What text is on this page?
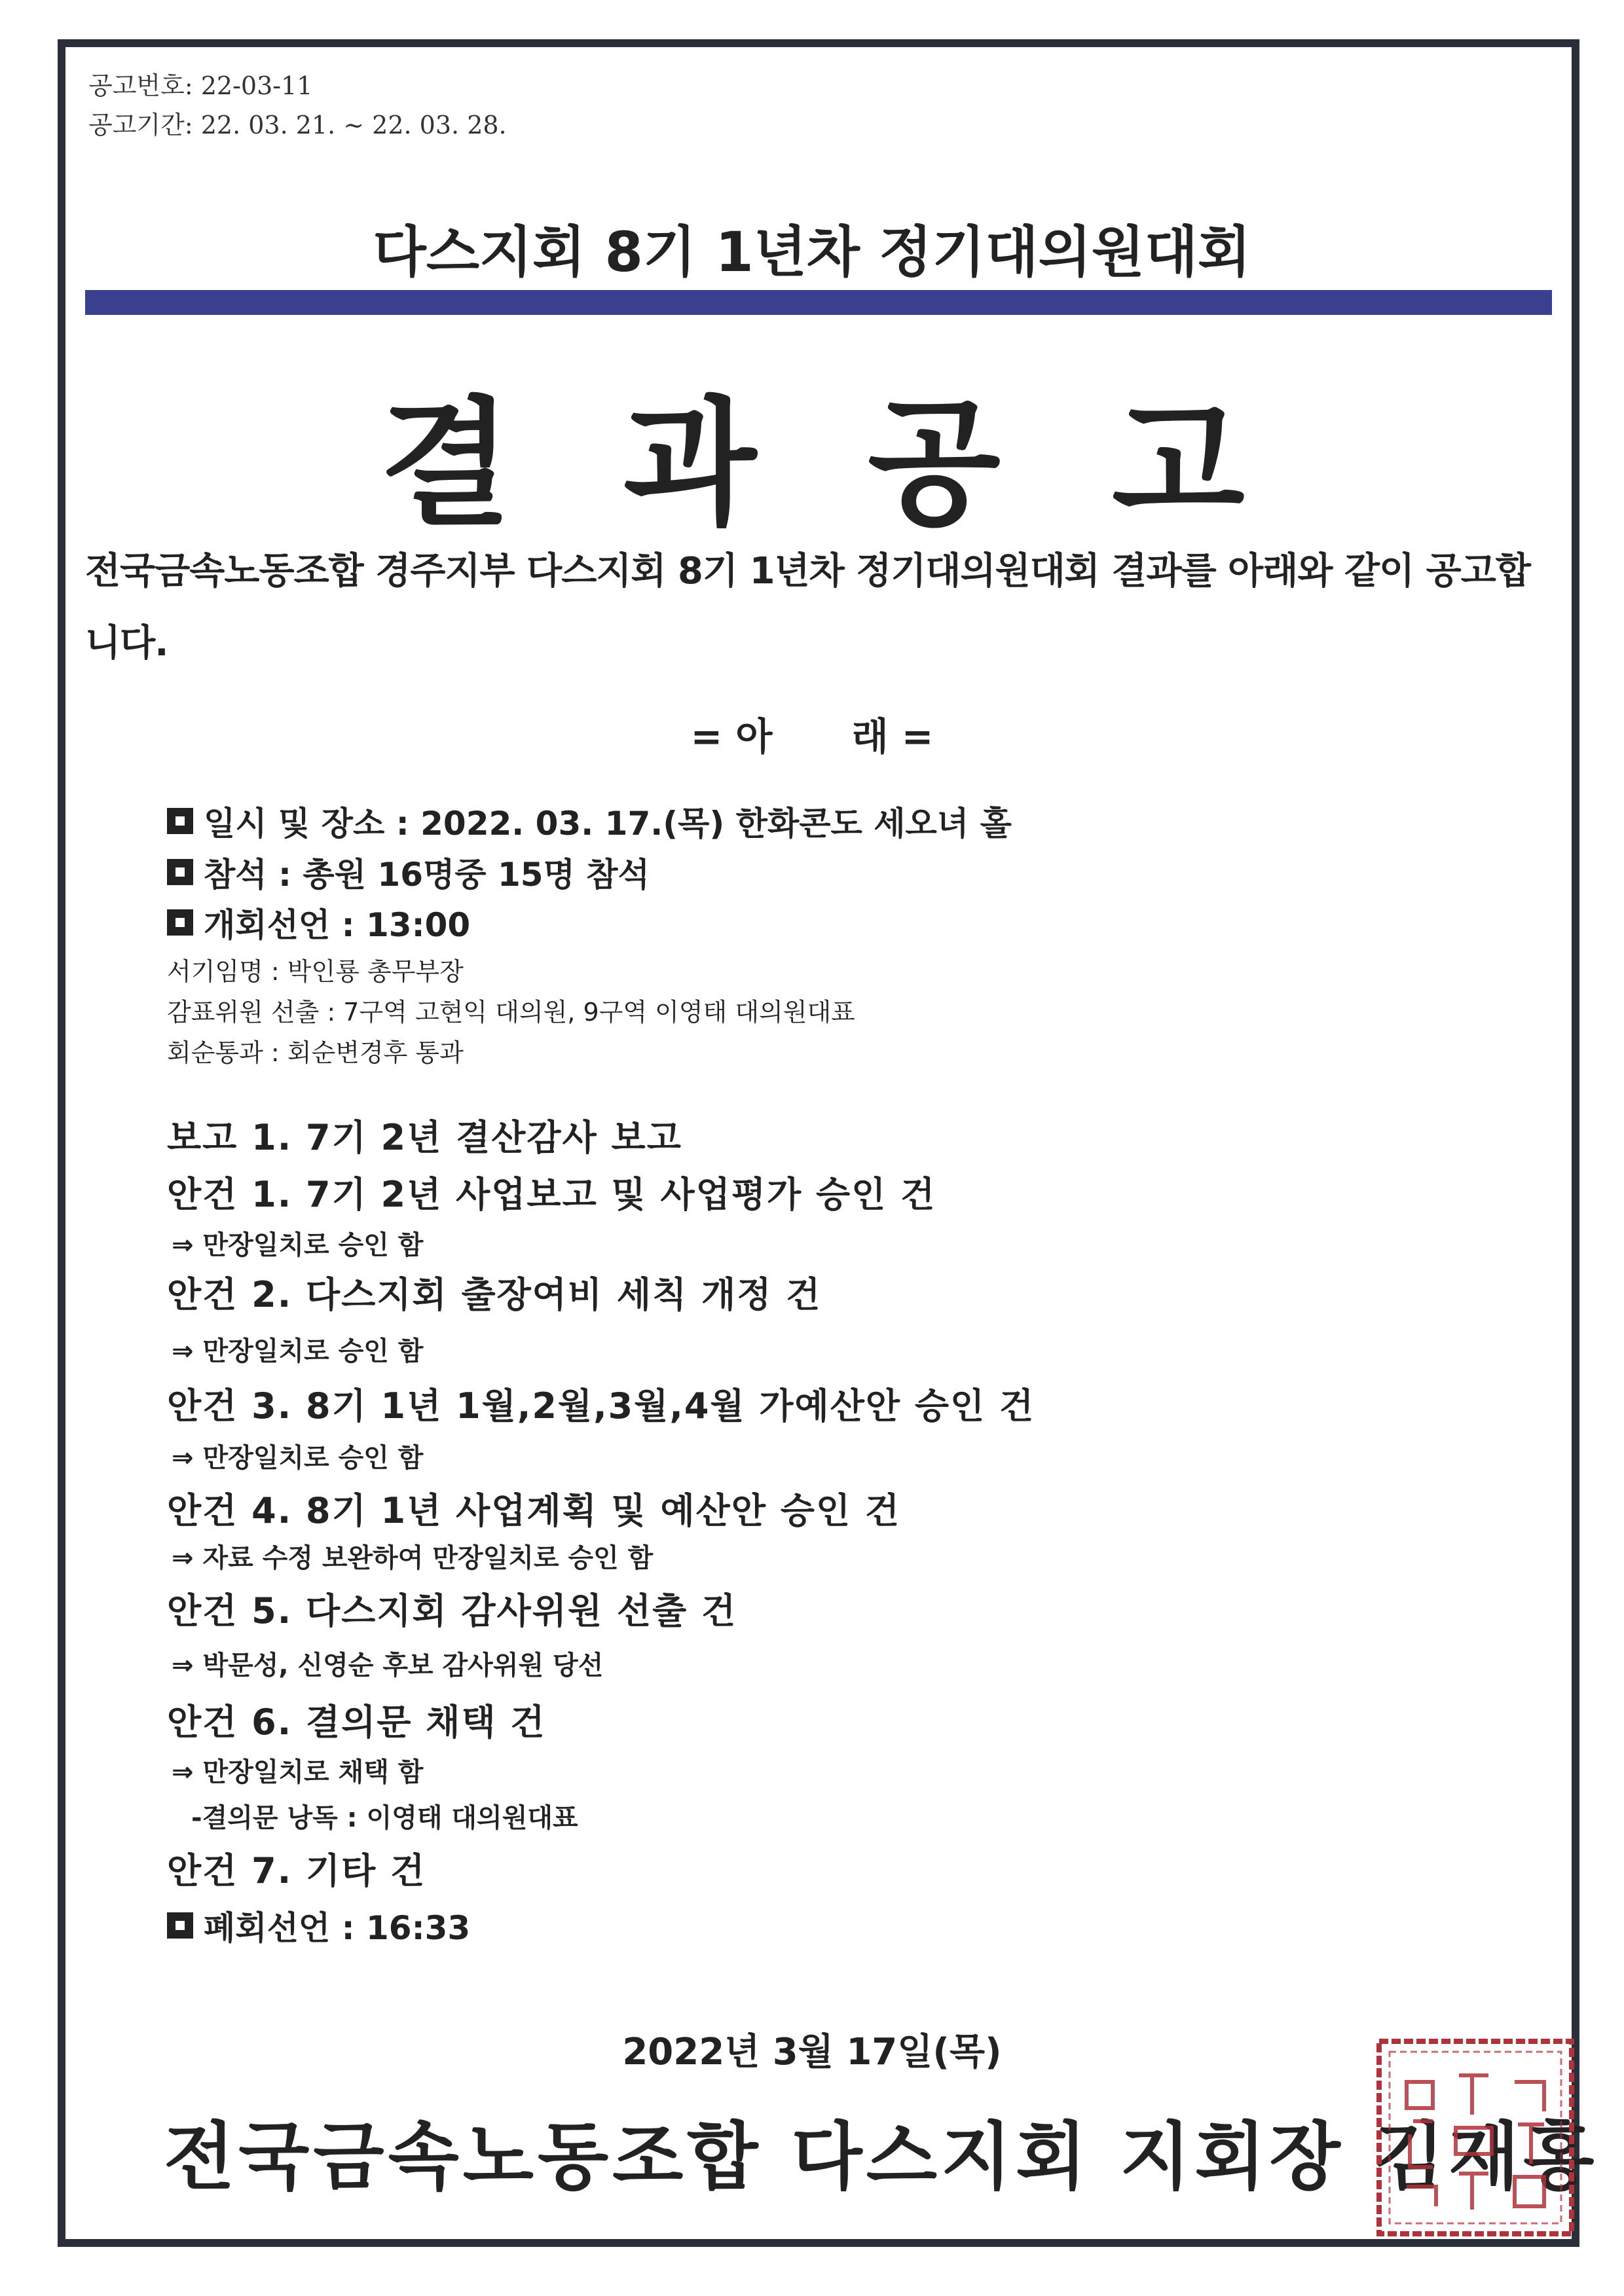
공고번호: 22-03-11
공고기간: 22. 03. 21. ~ 22. 03. 28.
다스지회 8기 1년차 정기대의원대회
결과공고
전국금속노동조합 경주지부 다스지회 8기 1년차 정기대의원대회 결과를 아래와 같이 공고합니다.
= 아      래 =
일시 및 장소 : 2022. 03. 17.(목) 한화콘도 세오녀 홀
참석 : 총원 16명중 15명 참석
개회선언 : 13:00
서기임명 : 박인룡 총무부장
감표위원 선출 : 7구역 고현익 대의원, 9구역 이영태 대의원대표
회순통과 : 회순변경후 통과
보고 1. 7기 2년 결산감사 보고
안건 1. 7기 2년 사업보고 및 사업평가 승인 건
⇒ 만장일치로 승인 함
안건 2. 다스지회 출장여비 세칙 개정 건
⇒ 만장일치로 승인 함
안건 3. 8기 1년 1월,2월,3월,4월 가예산안 승인 건
⇒ 만장일치로 승인 함
안건 4. 8기 1년 사업계획 및 예산안 승인 건
⇒ 자료 수정 보완하여 만장일치로 승인 함
안건 5. 다스지회 감사위원 선출 건
⇒ 박문성, 신영순 후보 감사위원 당선
안건 6. 결의문 채택 건
⇒ 만장일치로 채택 함
-결의문 낭독 : 이영태 대의원대표
안건 7. 기타 건
폐회선언 : 16:33
2022년 3월 17일(목)
전국금속노동조합 다스지회 지회장 김재홍
